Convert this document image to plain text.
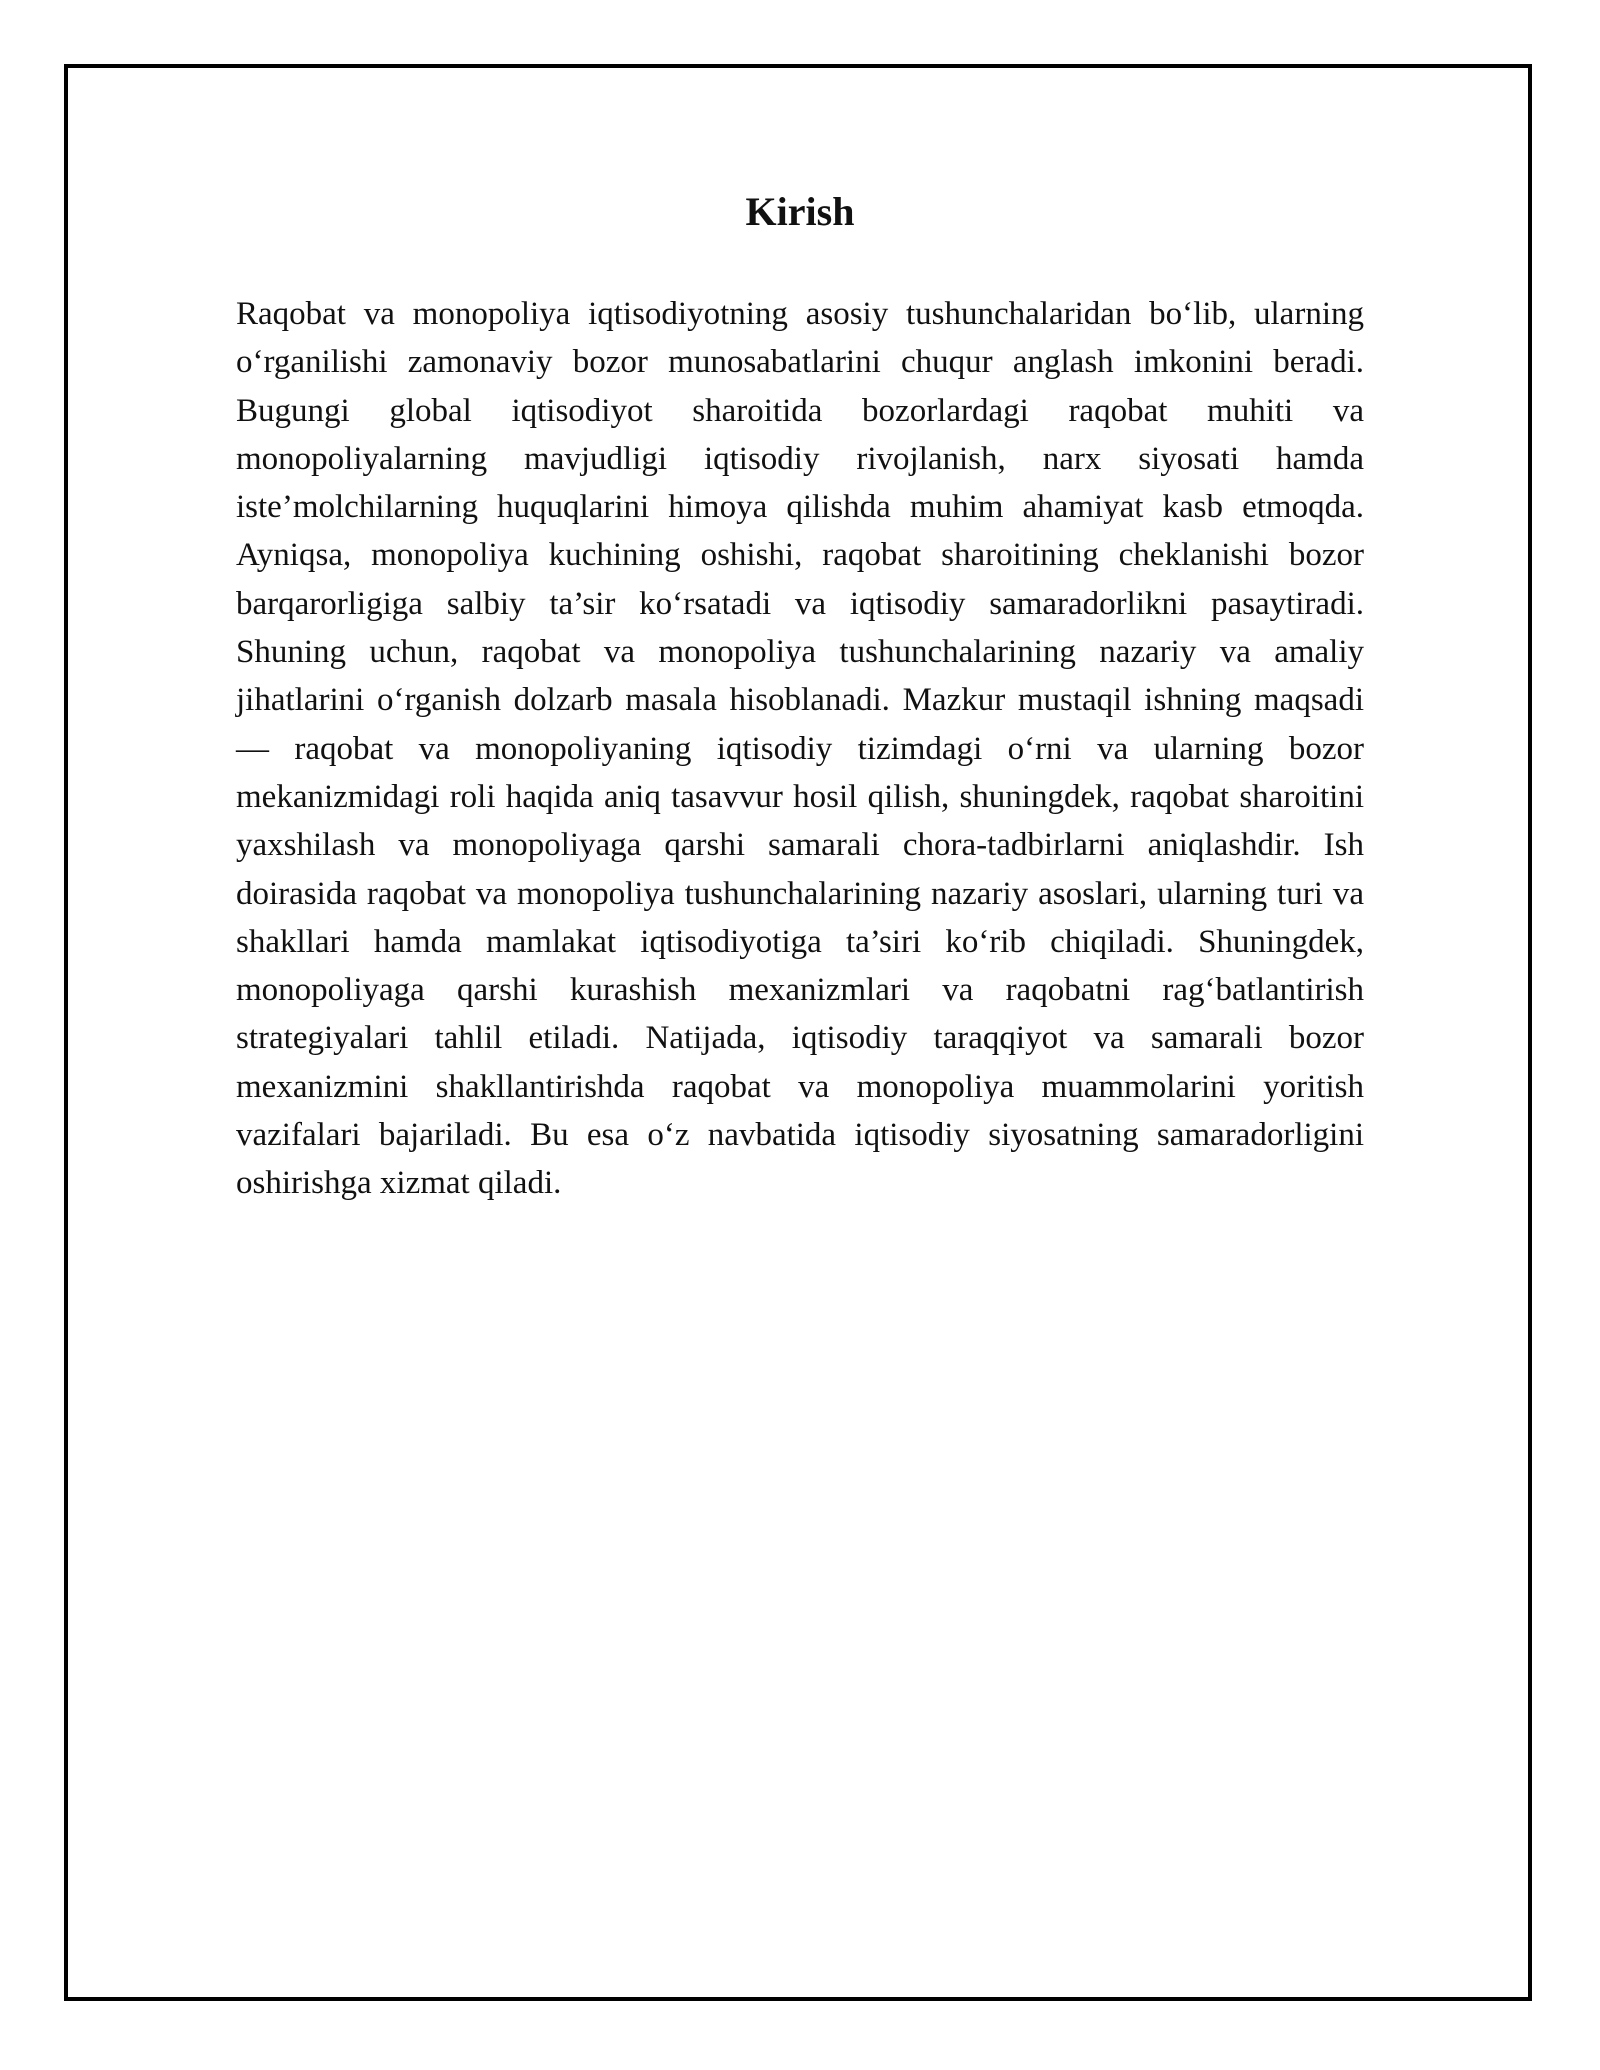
Kirish

Raqobat va monopoliya iqtisodiyotning asosiy tushunchalaridan bo‘lib, ularning o‘rganilishi zamonaviy bozor munosabatlarini chuqur anglash imkonini beradi. Bugungi global iqtisodiyot sharoitida bozorlardagi raqobat muhiti va monopoliyalarning mavjudligi iqtisodiy rivojlanish, narx siyosati hamda iste’molchilarning huquqlarini himoya qilishda muhim ahamiyat kasb etmoqda. Ayniqsa, monopoliya kuchining oshishi, raqobat sharoitining cheklanishi bozor barqarorligiga salbiy ta’sir ko‘rsatadi va iqtisodiy samaradorlikni pasaytiradi. Shuning uchun, raqobat va monopoliya tushunchalarining nazariy va amaliy jihatlarini o‘rganish dolzarb masala hisoblanadi. Mazkur mustaqil ishning maqsadi — raqobat va monopoliyaning iqtisodiy tizimdagi o‘rni va ularning bozor mekanizmidagi roli haqida aniq tasavvur hosil qilish, shuningdek, raqobat sharoitini yaxshilash va monopoliyaga qarshi samarali chora-tadbirlarni aniqlashdir. Ish doirasida raqobat va monopoliya tushunchalarining nazariy asoslari, ularning turi va shakllari hamda mamlakat iqtisodiyotiga ta’siri ko‘rib chiqiladi. Shuningdek, monopoliyaga qarshi kurashish mexanizmlari va raqobatni rag‘batlantirish strategiyalari tahlil etiladi. Natijada, iqtisodiy taraqqiyot va samarali bozor mexanizmini shakllantirishda raqobat va monopoliya muammolarini yoritish vazifalari bajariladi. Bu esa o‘z navbatida iqtisodiy siyosatning samaradorligini oshirishga xizmat qiladi.
